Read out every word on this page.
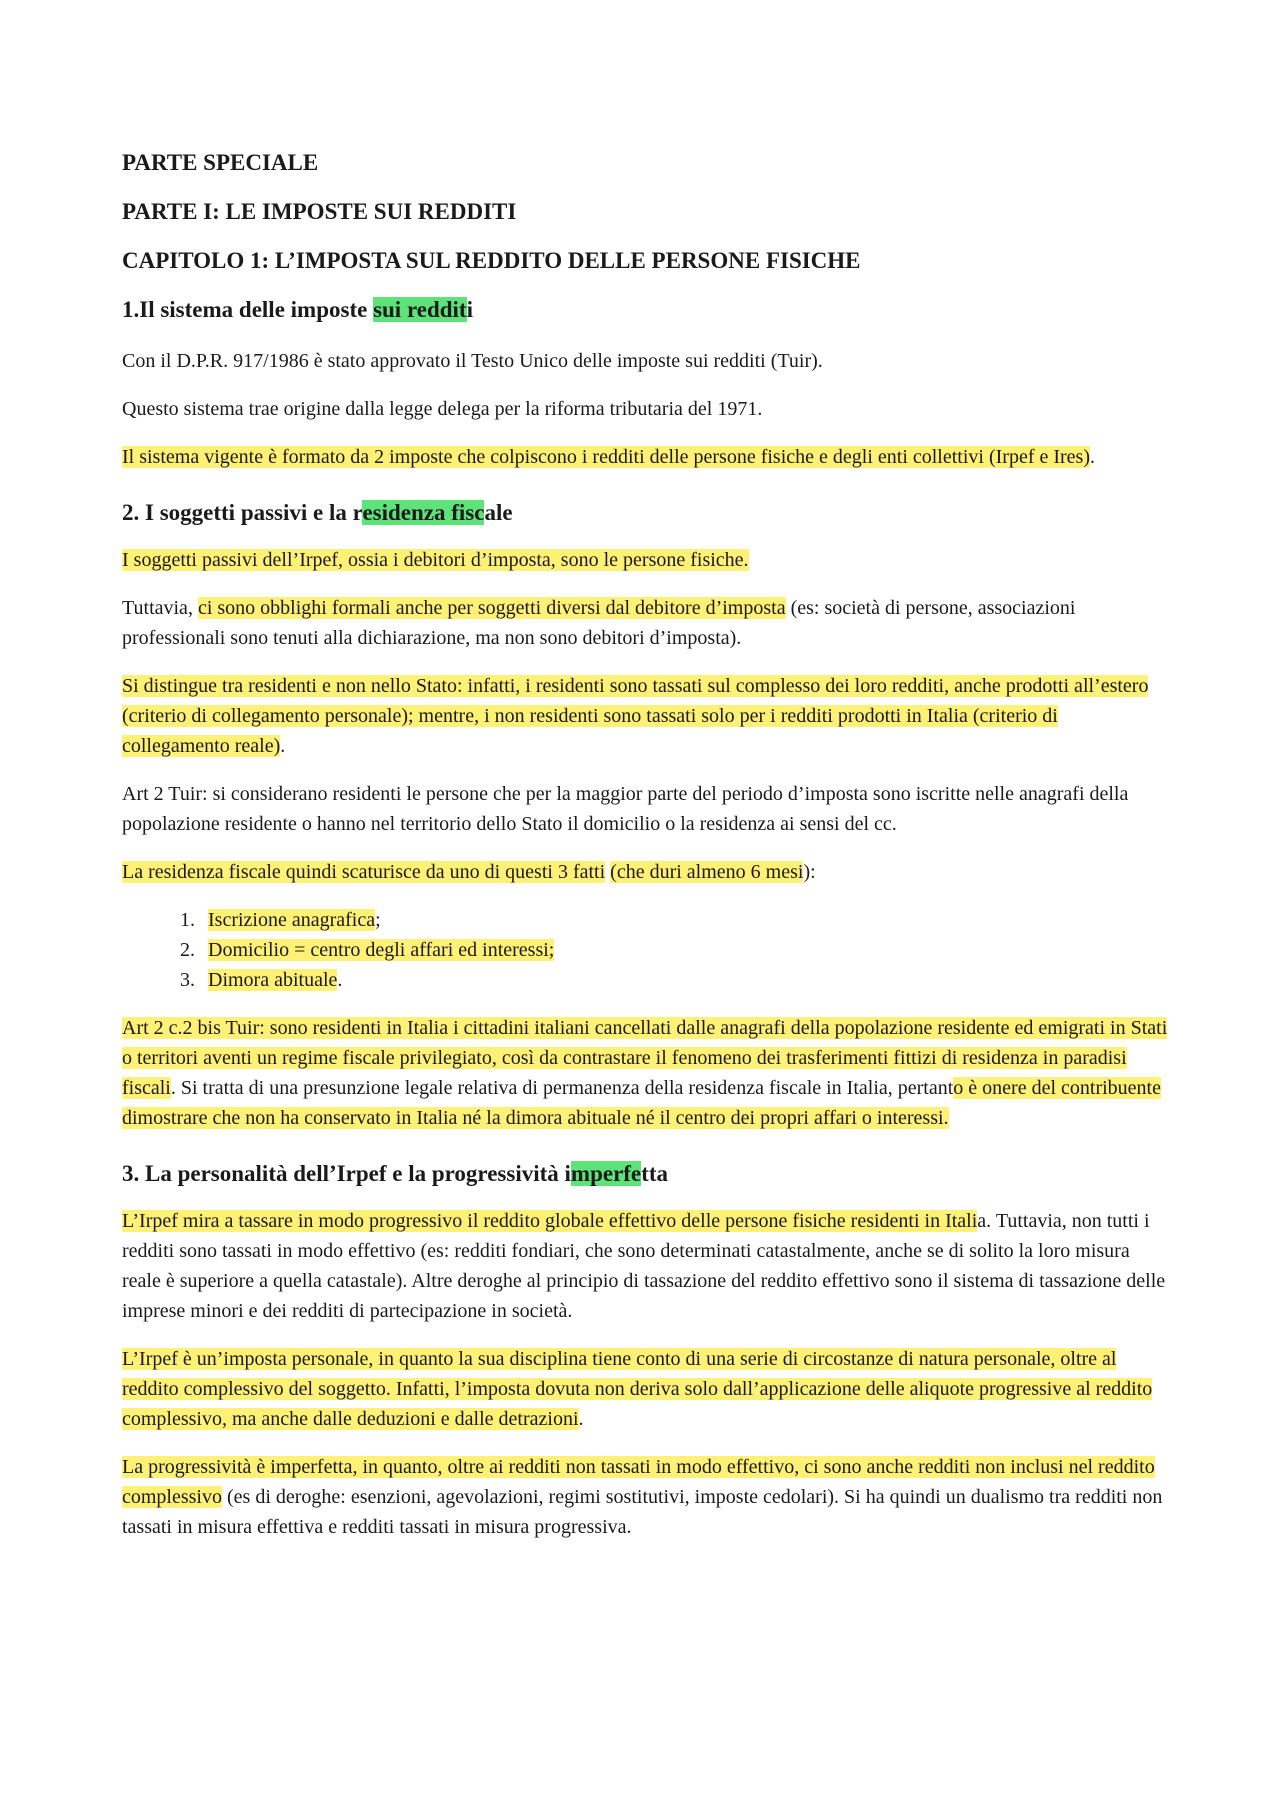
PARTE SPECIALE
PARTE I: LE IMPOSTE SUI REDDITI
CAPITOLO 1: L’IMPOSTA SUL REDDITO DELLE PERSONE FISICHE
1.Il sistema delle imposte sui redditi

Con il D.P.R. 917/1986 è stato approvato il Testo Unico delle imposte sui redditi (Tuir).

Questo sistema trae origine dalla legge delega per la riforma tributaria del 1971.

Il sistema vigente è formato da 2 imposte che colpiscono i redditi delle persone fisiche e degli enti collettivi (Irpef e Ires).

2. I soggetti passivi e la residenza fiscale

I soggetti passivi dell’Irpef, ossia i debitori d’imposta, sono le persone fisiche.

Tuttavia, ci sono obblighi formali anche per soggetti diversi dal debitore d’imposta (es: società di persone, associazioni professionali sono tenuti alla dichiarazione, ma non sono debitori d’imposta).

Si distingue tra residenti e non nello Stato: infatti, i residenti sono tassati sul complesso dei loro redditi, anche prodotti all’estero (criterio di collegamento personale); mentre, i non residenti sono tassati solo per i redditi prodotti in Italia (criterio di collegamento reale).

Art 2 Tuir: si considerano residenti le persone che per la maggior parte del periodo d’imposta sono iscritte nelle anagrafi della popolazione residente o hanno nel territorio dello Stato il domicilio o la residenza ai sensi del cc.

La residenza fiscale quindi scaturisce da uno di questi 3 fatti (che duri almeno 6 mesi):

1. Iscrizione anagrafica;
2. Domicilio = centro degli affari ed interessi;
3. Dimora abituale.

Art 2 c.2 bis Tuir: sono residenti in Italia i cittadini italiani cancellati dalle anagrafi della popolazione residente ed emigrati in Stati o territori aventi un regime fiscale privilegiato, così da contrastare il fenomeno dei trasferimenti fittizi di residenza in paradisi fiscali. Si tratta di una presunzione legale relativa di permanenza della residenza fiscale in Italia, pertanto è onere del contribuente dimostrare che non ha conservato in Italia né la dimora abituale né il centro dei propri affari o interessi.

3. La personalità dell’Irpef e la progressività imperfetta

L’Irpef mira a tassare in modo progressivo il reddito globale effettivo delle persone fisiche residenti in Italia. Tuttavia, non tutti i redditi sono tassati in modo effettivo (es: redditi fondiari, che sono determinati catastalmente, anche se di solito la loro misura reale è superiore a quella catastale). Altre deroghe al principio di tassazione del reddito effettivo sono il sistema di tassazione delle imprese minori e dei redditi di partecipazione in società.

L’Irpef è un’imposta personale, in quanto la sua disciplina tiene conto di una serie di circostanze di natura personale, oltre al reddito complessivo del soggetto. Infatti, l’imposta dovuta non deriva solo dall’applicazione delle aliquote progressive al reddito complessivo, ma anche dalle deduzioni e dalle detrazioni.

La progressività è imperfetta, in quanto, oltre ai redditi non tassati in modo effettivo, ci sono anche redditi non inclusi nel reddito complessivo (es di deroghe: esenzioni, agevolazioni, regimi sostitutivi, imposte cedolari). Si ha quindi un dualismo tra redditi non tassati in misura effettiva e redditi tassati in misura progressiva.
